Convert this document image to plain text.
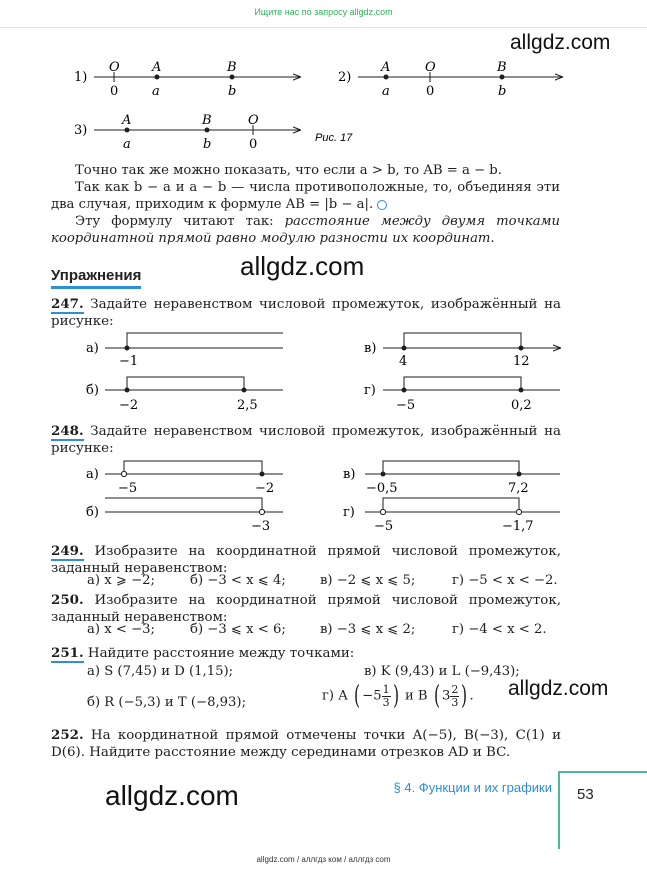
Ищите нас по запросу allgdz.com
allgdz.com
1)
O
0
A
a
B
b
2)
A
a
O
0
B
b
3)
A
a
B
b
O
0	Рис. 17
Точно так же можно показать, что если a > b, то AB = a − b.
Так как b − a и a − b — числа противоположные, то, объединяя эти два случая, приходим к формуле AB = |b − a|.
Эту формулу читают так: расстояние между двумя точками координатной прямой равно модулю разности их координат.
Упражнения	allgdz.com
247. Задайте неравенством числовой промежуток, изображённый на рисунке:
а)
−1
в)
4	12
б)
−2	2,5
г)
−5	0,2
248. Задайте неравенством числовой промежуток, изображённый на рисунке:
а)
−5	−2
в)
−0,5	7,2
б)
−3
г)
−5	−1,7
249. Изобразите на координатной прямой числовой промежуток, заданный неравенством:
а) x ⩾ −2;	б) −3 < x ⩽ 4;	в) −2 ⩽ x ⩽ 5;	г) −5 < x < −2.
250. Изобразите на координатной прямой числовой промежуток, заданный неравенством:
а) x < −3;	б) −3 ⩽ x < 6;	в) −3 ⩽ x ⩽ 2;	г) −4 < x < 2.
251. Найдите расстояние между точками:
а) S (7,45) и D (1,15);	в) K (9,43) и L (−9,43);
б) R (−5,3) и T (−8,93);	г) A ( $-5 \frac{1}{3}$ ) и B ( $3 \frac{2}{3}$ ) . allgdz.com
252. На координатной прямой отмечены точки A(−5), B(−3), C(1) и D(6). Найдите расстояние между серединами отрезков AD и BC.
allgdz.com	§ 4. Функции и их графики 53
allgdz.com / аллгдз ком / аллгдз com
